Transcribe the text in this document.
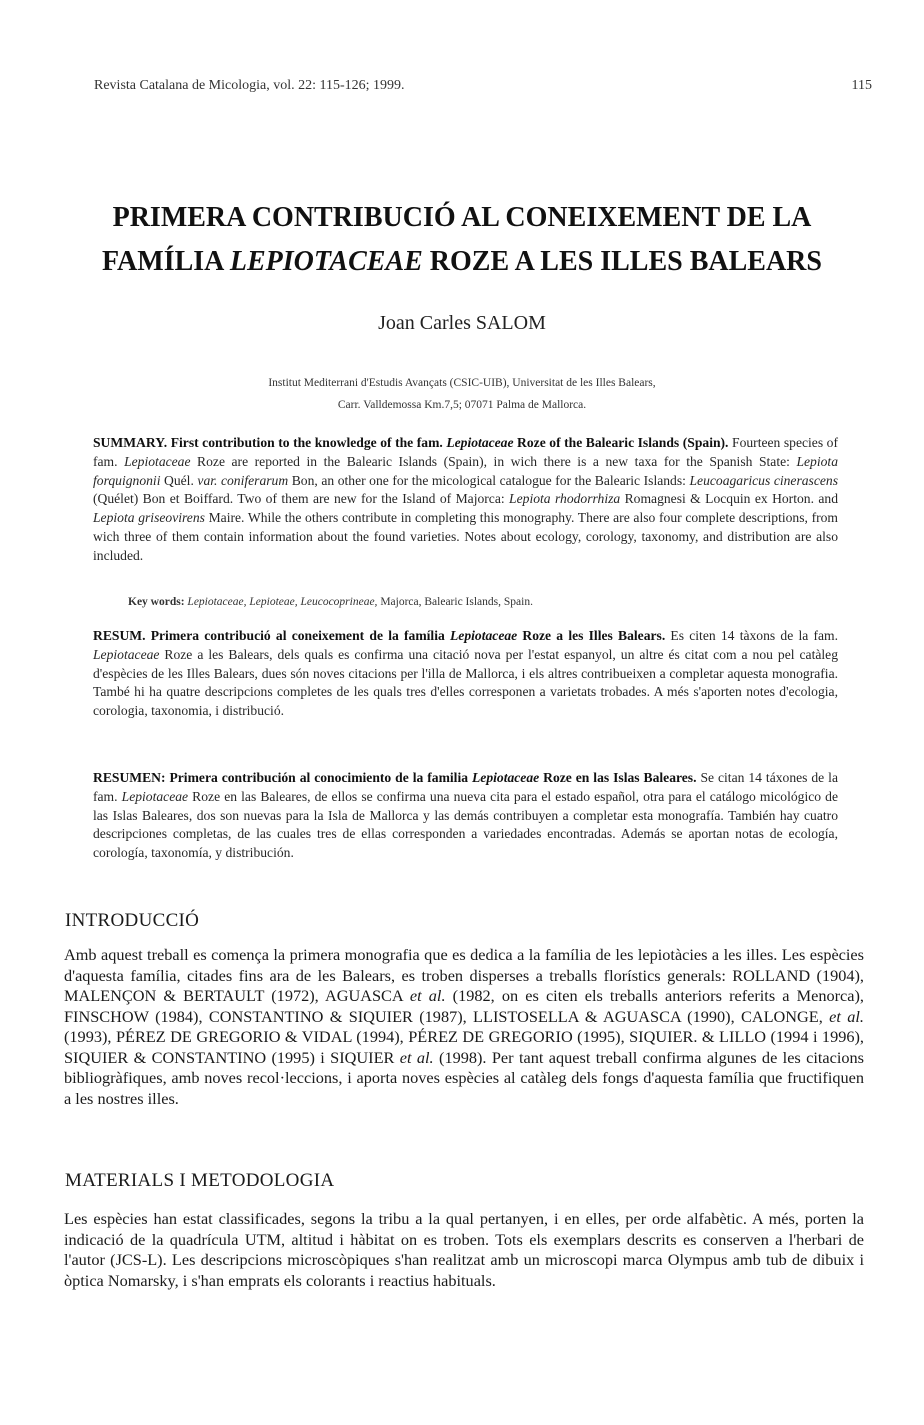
Revista Catalana de Micologia, vol. 22: 115-126; 1999.	115
PRIMERA CONTRIBUCIÓ AL CONEIXEMENT DE LA
FAMÍLIA LEPIOTACEAE ROZE A LES ILLES BALEARS
Joan Carles SALOM
Institut Mediterrani d'Estudis Avançats (CSIC-UIB), Universitat de les Illes Balears,
Carr. Valldemossa Km.7,5; 07071 Palma de Mallorca.
SUMMARY. First contribution to the knowledge of the fam. Lepiotaceae Roze of the Balearic Islands (Spain). Fourteen species of fam. Lepiotaceae Roze are reported in the Balearic Islands (Spain), in wich there is a new taxa for the Spanish State: Lepiota forquignonii Quél. var. coniferarum Bon, an other one for the micological catalogue for the Balearic Islands: Leucoagaricus cinerascens (Quélet) Bon et Boiffard. Two of them are new for the Island of Majorca: Lepiota rhodorrhiza Romagnesi & Locquin ex Horton. and Lepiota griseovirens Maire. While the others contribute in completing this monography. There are also four complete descriptions, from wich three of them contain information about the found varieties. Notes about ecology, corology, taxonomy, and distribution are also included.
Key words: Lepiotaceae, Lepioteae, Leucocoprineae, Majorca, Balearic Islands, Spain.
RESUM. Primera contribució al coneixement de la família Lepiotaceae Roze a les Illes Balears. Es citen 14 tàxons de la fam. Lepiotaceae Roze a les Balears, dels quals es confirma una citació nova per l'estat espanyol, un altre és citat com a nou pel catàleg d'espècies de les Illes Balears, dues són noves citacions per l'illa de Mallorca, i els altres contribueixen a completar aquesta monografia. També hi ha quatre descripcions completes de les quals tres d'elles corresponen a varietats trobades. A més s'aporten notes d'ecologia, corologia, taxonomia, i distribució.
RESUMEN: Primera contribución al conocimiento de la familia Lepiotaceae Roze en las Islas Baleares. Se citan 14 táxones de la fam. Lepiotaceae Roze en las Baleares, de ellos se confirma una nueva cita para el estado español, otra para el catálogo micológico de las Islas Baleares, dos son nuevas para la Isla de Mallorca y las demás contribuyen a completar esta monografía. También hay cuatro descripciones completas, de las cuales tres de ellas corresponden a variedades encontradas. Además se aportan notas de ecología, corología, taxonomía, y distribución.
INTRODUCCIÓ
Amb aquest treball es comença la primera monografia que es dedica a la família de les lepiotàcies a les illes. Les espècies d'aquesta família, citades fins ara de les Balears, es troben disperses a treballs florístics generals: ROLLAND (1904), MALENÇON & BERTAULT (1972), AGUASCA et al. (1982, on es citen els treballs anteriors referits a Menorca), FINSCHOW (1984), CONSTANTINO & SIQUIER (1987), LLISTOSELLA & AGUASCA (1990), CALONGE, et al. (1993), PÉREZ DE GREGORIO & VIDAL (1994), PÉREZ DE GREGORIO (1995), SIQUIER. & LILLO (1994 i 1996), SIQUIER & CONSTANTINO (1995) i SIQUIER et al. (1998). Per tant aquest treball confirma algunes de les citacions bibliogràfiques, amb noves recol·leccions, i aporta noves espècies al catàleg dels fongs d'aquesta família que fructifiquen a les nostres illes.
MATERIALS I METODOLOGIA
Les espècies han estat classificades, segons la tribu a la qual pertanyen, i en elles, per orde alfabètic. A més, porten la indicació de la quadrícula UTM, altitud i hàbitat on es troben. Tots els exemplars descrits es conserven a l'herbari de l'autor (JCS-L). Les descripcions microscòpiques s'han realitzat amb un microscopi marca Olympus amb tub de dibuix i òptica Nomarsky, i s'han emprats els colorants i reactius habituals.
